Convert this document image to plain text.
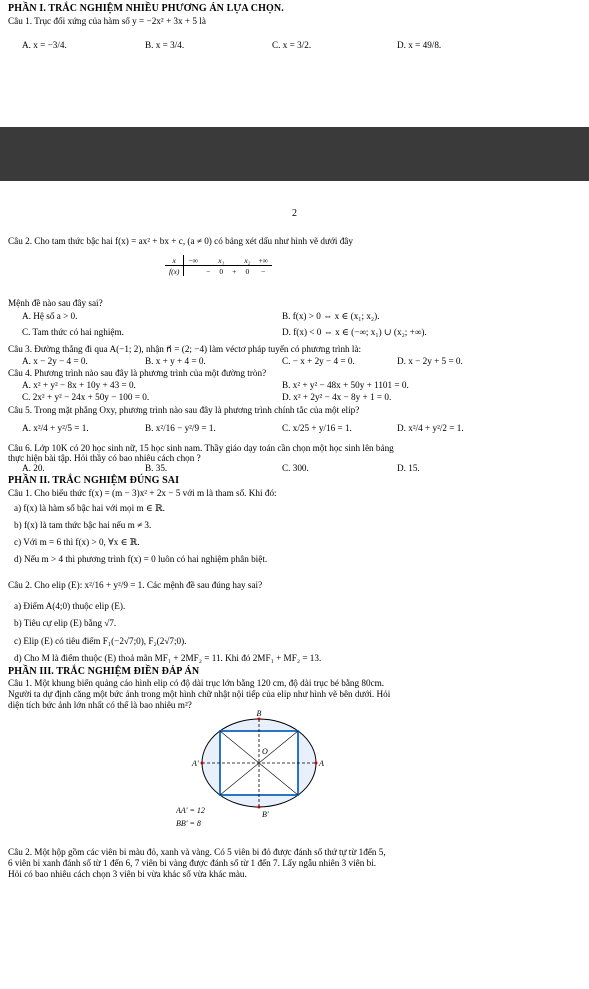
PHẦN I. TRẮC NGHIỆM NHIỀU PHƯƠNG ÁN LỰA CHỌN.
Câu 1. Trục đối xứng của hàm số y = −2x² + 3x + 5 là
A. x = −3/4.	B. x = 3/4.	C. x = 3/2.	D. x = 49/8.
2
Câu 2. Cho tam thức bậc hai f(x) = ax² + bx + c, (a ≠ 0) có bảng xét dấu như hình vẽ dưới đây
x	−∞		x₁		x₂	+∞
f(x)		−	0	+	0	−
Mệnh đề nào sau đây sai?
A. Hệ số a > 0.	B. f(x) > 0 ⇔ x ∈ (x₁; x₂).
C. Tam thức có hai nghiệm.	D. f(x) < 0 ⇔ x ∈ (−∞; x₁) ∪ (x₂; +∞).
Câu 3. Đường thẳng đi qua A(−1; 2), nhận n⃗ = (2; −4) làm véctơ pháp tuyến có phương trình là:
A. x − 2y − 4 = 0.	B. x + y + 4 = 0.	C. − x + 2y − 4 = 0.	D. x − 2y + 5 = 0.
Câu 4. Phương trình nào sau đây là phương trình của một đường tròn?
A. x² + y² − 8x + 10y + 43 = 0.	B. x² + y² − 48x + 50y + 1101 = 0.
C. 2x² + y² − 24x + 50y − 100 = 0.	D. x² + 2y² − 4x − 8y + 1 = 0.
Câu 5. Trong mặt phẳng Oxy, phương trình nào sau đây là phương trình chính tắc của một elip?
A. x²/4 + y²/5 = 1.	B. x²/16 − y²/9 = 1.	C. x/25 + y/16 = 1.	D. x²/4 + y²/2 = 1.
Câu 6. Lớp 10K có 20 học sinh nữ, 15 học sinh nam. Thầy giáo dạy toán cần chọn một học sinh lên bảng
thực hiện bài tập. Hỏi thầy có bao nhiêu cách chọn ?
A. 20.	B. 35.	C. 300.	D. 15.
PHẦN II. TRẮC NGHIỆM ĐÚNG SAI
Câu 1. Cho biểu thức f(x) = (m − 3)x² + 2x − 5 với m là tham số. Khi đó:
a) f(x) là hàm số bậc hai với mọi m ∈ ℝ.
b) f(x) là tam thức bậc hai nếu m ≠ 3.
c) Với m = 6 thì f(x) > 0, ∀x ∈ ℝ.
d) Nếu m > 4 thì phương trình f(x) = 0 luôn có hai nghiệm phân biệt.
Câu 2. Cho elip (E): x²/16 + y²/9 = 1. Các mệnh đề sau đúng hay sai?
a) Điểm A(4;0) thuộc elip (E).
b) Tiêu cự elip (E) bằng √7.
c) Elip (E) có tiêu điểm F₁(−2√7;0), F₂(2√7;0).
d) Cho M là điểm thuộc (E) thoả mãn MF₁ + 2MF₂ = 11. Khi đó 2MF₁ + MF₂ = 13.
PHẦN III. TRẮC NGHIỆM ĐIỀN ĐÁP ÁN
Câu 1. Một khung biển quảng cáo hình elip có độ dài trục lớn bằng 120 cm, độ dài trục bé bằng 80cm.
Người ta dự định căng một bức ảnh trong một hình chữ nhật nội tiếp của elip như hình vẽ bên dưới. Hỏi
diện tích bức ảnh lớn nhất có thể là bao nhiêu m²?
B
O
A
A'
B'
AA' = 12
BB' = 8
Câu 2. Một hộp gồm các viên bi màu đỏ, xanh và vàng. Có 5 viên bi đỏ được đánh số thứ tự từ 1đến 5,
6 viên bi xanh đánh số từ 1 đến 6, 7 viên bi vàng được đánh số từ 1 đến 7. Lấy ngẫu nhiên 3 viên bi.
Hỏi có bao nhiêu cách chọn 3 viên bi vừa khác số vừa khác màu.
